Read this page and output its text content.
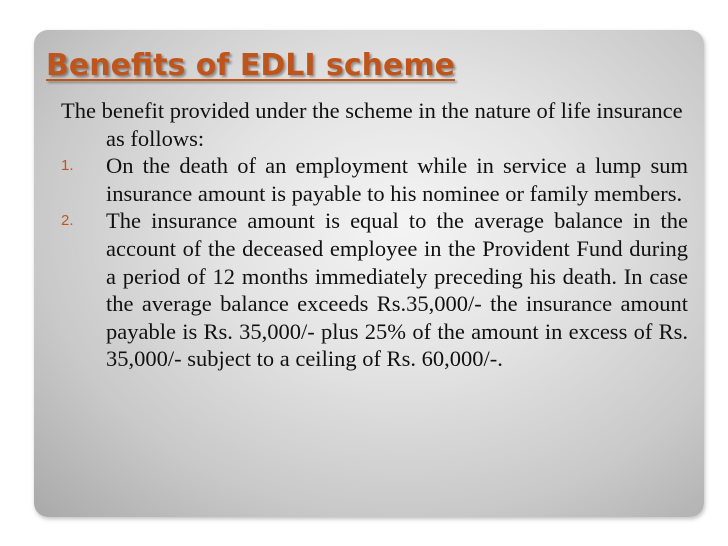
Benefits of EDLI scheme

The benefit provided under the scheme in the nature of life insurance as follows:

1. On the death of an employment while in service a lump sum insurance amount is payable to his nominee or family members.
2. The insurance amount is equal to the average balance in the account of the deceased employee in the Provident Fund during a period of 12 months immediately preceding his death. In case the average balance exceeds Rs.35,000/- the insurance amount payable is Rs. 35,000/- plus 25% of the amount in excess of Rs. 35,000/- subject to a ceiling of Rs. 60,000/-.
